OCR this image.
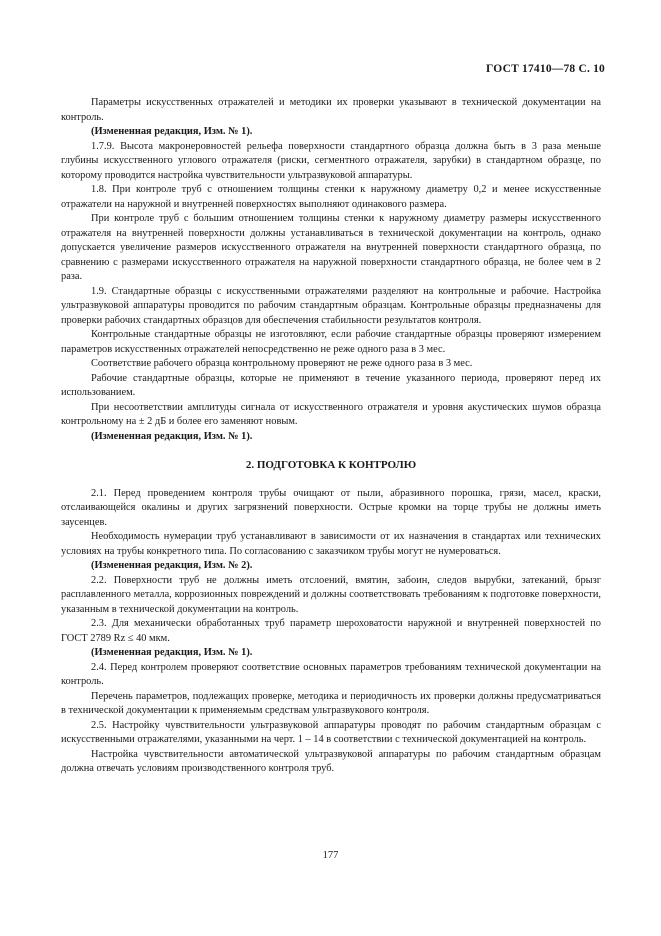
ГОСТ 17410—78 С. 10

Параметры искусственных отражателей и методики их проверки указывают в технической документации на контроль.

(Измененная редакция, Изм. № 1).

1.7.9. Высота макронеровностей рельефа поверхности стандартного образца должна быть в 3 раза меньше глубины искусственного углового отражателя (риски, сегментного отражателя, зарубки) в стандартном образце, по которому проводится настройка чувствительности ультразвуковой аппаратуры.

1.8. При контроле труб с отношением толщины стенки к наружному диаметру 0,2 и менее искусственные отражатели на наружной и внутренней поверхностях выполняют одинакового размера.

При контроле труб с большим отношением толщины стенки к наружному диаметру размеры искусственного отражателя на внутренней поверхности должны устанавливаться в технической документации на контроль, однако допускается увеличение размеров искусственного отражателя на внутренней поверхности стандартного образца, по сравнению с размерами искусственного отражателя на наружной поверхности стандартного образца, не более чем в 2 раза.

1.9. Стандартные образцы с искусственными отражателями разделяют на контрольные и рабочие. Настройка ультразвуковой аппаратуры проводится по рабочим стандартным образцам. Контрольные образцы предназначены для проверки рабочих стандартных образцов для обеспечения стабильности результатов контроля.

Контрольные стандартные образцы не изготовляют, если рабочие стандартные образцы проверяют измерением параметров искусственных отражателей непосредственно не реже одного раза в 3 мес.

Соответствие рабочего образца контрольному проверяют не реже одного раза в 3 мес.

Рабочие стандартные образцы, которые не применяют в течение указанного периода, проверяют перед их использованием.

При несоответствии амплитуды сигнала от искусственного отражателя и уровня акустических шумов образца контрольному на ± 2 дБ и более его заменяют новым.

(Измененная редакция, Изм. № 1).

2. ПОДГОТОВКА К КОНТРОЛЮ

2.1. Перед проведением контроля трубы очищают от пыли, абразивного порошка, грязи, масел, краски, отслаивающейся окалины и других загрязнений поверхности. Острые кромки на торце трубы не должны иметь заусенцев.

Необходимость нумерации труб устанавливают в зависимости от их назначения в стандартах или технических условиях на трубы конкретного типа. По согласованию с заказчиком трубы могут не нумероваться.

(Измененная редакция, Изм. № 2).

2.2. Поверхности труб не должны иметь отслоений, вмятин, забоин, следов вырубки, затеканий, брызг расплавленного металла, коррозионных повреждений и должны соответствовать требованиям к подготовке поверхности, указанным в технической документации на контроль.

2.3. Для механически обработанных труб параметр шероховатости наружной и внутренней поверхностей по ГОСТ 2789 Rz ≤ 40 мкм.

(Измененная редакция, Изм. № 1).

2.4. Перед контролем проверяют соответствие основных параметров требованиям технической документации на контроль.

Перечень параметров, подлежащих проверке, методика и периодичность их проверки должны предусматриваться в технической документации к применяемым средствам ультразвукового контроля.

2.5. Настройку чувствительности ультразвуковой аппаратуры проводят по рабочим стандартным образцам с искусственными отражателями, указанными на черт. 1 – 14 в соответствии с технической документацией на контроль.

Настройка чувствительности автоматической ультразвуковой аппаратуры по рабочим стандартным образцам должна отвечать условиям производственного контроля труб.

177
